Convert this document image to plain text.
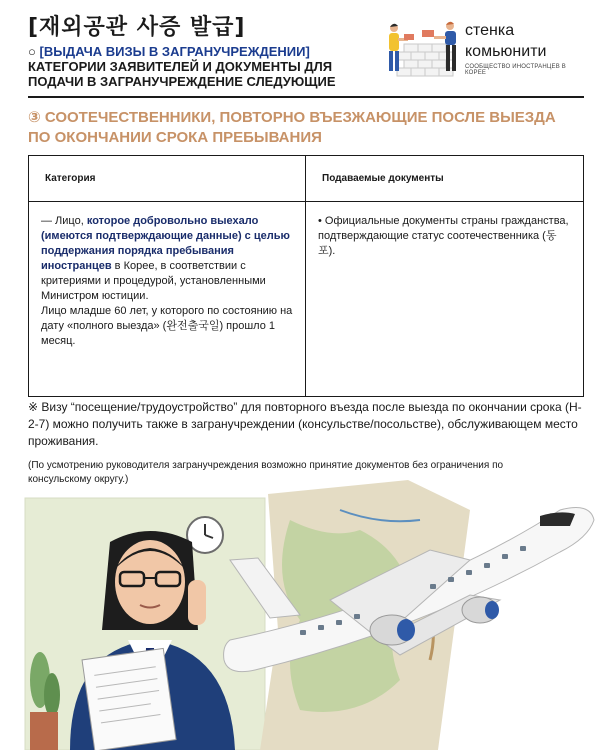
[재외공관 사증 발급]
○ [ВЫДАЧА ВИЗЫ В ЗАГРАНУЧРЕЖДЕНИИ] КАТЕГОРИИ ЗАЯВИТЕЛЕЙ И ДОКУМЕНТЫ ДЛЯ ПОДАЧИ В ЗАГРАНУЧРЕЖДЕНИЕ СЛЕДУЮЩИЕ
стенка
комьюнити
СООБЩЕСТВО ИНОСТРАНЦЕВ В КОРЕЕ
③ СООТЕЧЕСТВЕННИКИ, ПОВТОРНО ВЪЕЗЖАЮЩИЕ ПОСЛЕ ВЫЕЗДА ПО ОКОНЧАНИИ СРОКА ПРЕБЫВАНИЯ
Категория	Подаваемые документы
— Лицо, которое добровольно выехало (имеются подтверждающие данные) с целью поддержания порядка пребывания иностранцев в Корее, в соответствии с критериями и процедурой, установленными Министром юстиции.
Лицо младше 60 лет, у которого по состоянию на дату «полного выезда» (완전출국일) прошло 1 месяц.	• Официальные документы страны гражданства, подтверждающие статус соотечественника (동포).
※ Визу “посещение/трудоустройство” для повторного въезда после выезда по окончании срока (H-2-7) можно получить также в загранучреждении (консульстве/посольстве), обслуживающем место проживания.
(По усмотрению руководителя загранучреждения возможно принятие документов без ограничения по консульскому округу.)
